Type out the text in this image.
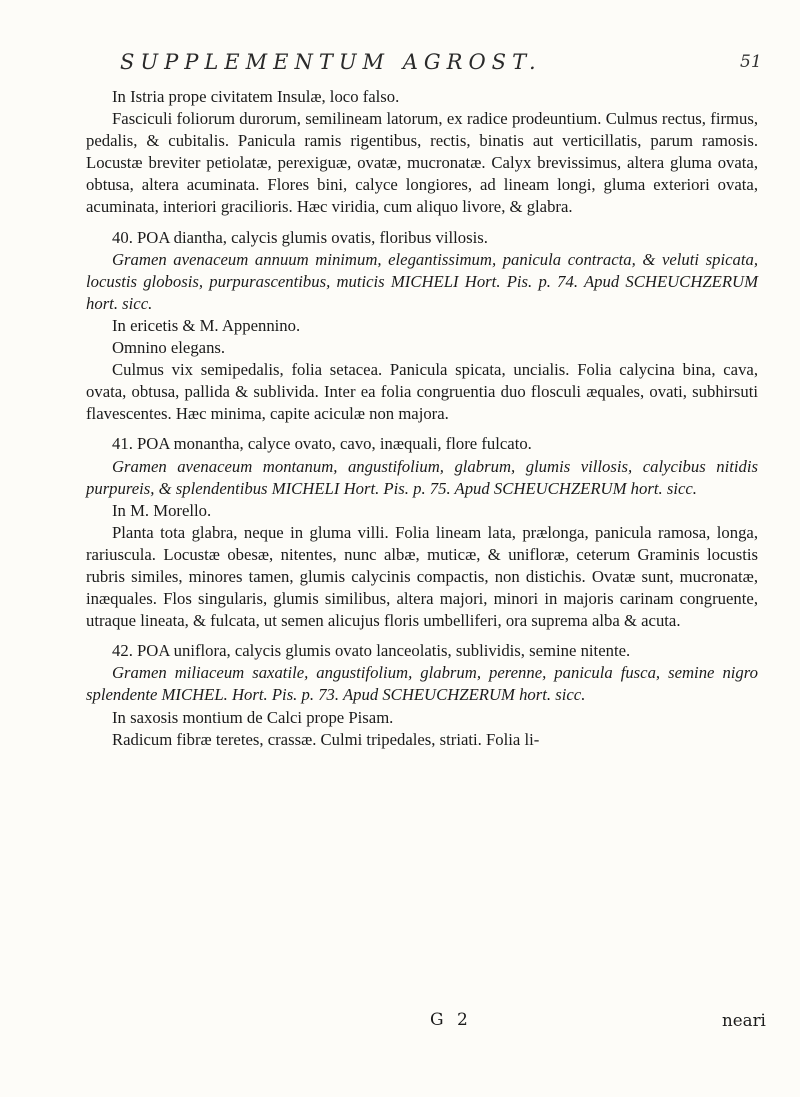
SUPPLEMENTUM AGROST.	51

In Istria prope civitatem Insulæ, loco falso.

Fasciculi foliorum durorum, semilineam latorum, ex radice prodeuntium. Culmus rectus, firmus, pedalis, & cubitalis. Panicula ramis rigentibus, rectis, binatis aut verticillatis, parum ramosis. Locustæ breviter petiolatæ, perexiguæ, ovatæ, mucronatæ. Calyx brevissimus, altera gluma ovata, obtusa, altera acuminata. Flores bini, calyce longiores, ad lineam longi, gluma exteriori ovata, acuminata, interiori gracilioris. Hæc viridia, cum aliquo livore, & glabra.

40. POA diantha, calycis glumis ovatis, floribus villosis.

Gramen avenaceum annuum minimum, elegantissimum, panicula contracta, & veluti spicata, locustis globosis, purpurascentibus, muticis MICHELI Hort. Pis. p. 74. Apud SCHEUCHZERUM hort. sicc.

In ericetis & M. Appennino.

Omnino elegans.

Culmus vix semipedalis, folia setacea. Panicula spicata, uncialis. Folia calycina bina, cava, ovata, obtusa, pallida & sublivida. Inter ea folia congruentia duo flosculi æquales, ovati, subhirsuti flavescentes. Hæc minima, capite aciculæ non majora.

41. POA monantha, calyce ovato, cavo, inæquali, flore fulcato.

Gramen avenaceum montanum, angustifolium, glabrum, glumis villosis, calycibus nitidis purpureis, & splendentibus MICHELI Hort. Pis. p. 75. Apud SCHEUCHZERUM hort. sicc.

In M. Morello.

Planta tota glabra, neque in gluma villi. Folia lineam lata, prælonga, panicula ramosa, longa, rariuscula. Locustæ obesæ, nitentes, nunc albæ, muticæ, & unifloræ, ceterum Graminis locustis rubris similes, minores tamen, glumis calycinis compactis, non distichis. Ovatæ sunt, mucronatæ, inæquales. Flos singularis, glumis similibus, altera majori, minori in majoris carinam congruente, utraque lineata, & fulcata, ut semen alicujus floris umbelliferi, ora suprema alba & acuta.

42. POA uniflora, calycis glumis ovato lanceolatis, sublividis, semine nitente.

Gramen miliaceum saxatile, angustifolium, glabrum, perenne, panicula fusca, semine nigro splendente MICHEL. Hort. Pis. p. 73. Apud SCHEUCHZERUM hort. sicc.

In saxosis montium de Calci prope Pisam.

Radicum fibræ teretes, crassæ. Culmi tripedales, striati. Folia li-

G 2	neari
